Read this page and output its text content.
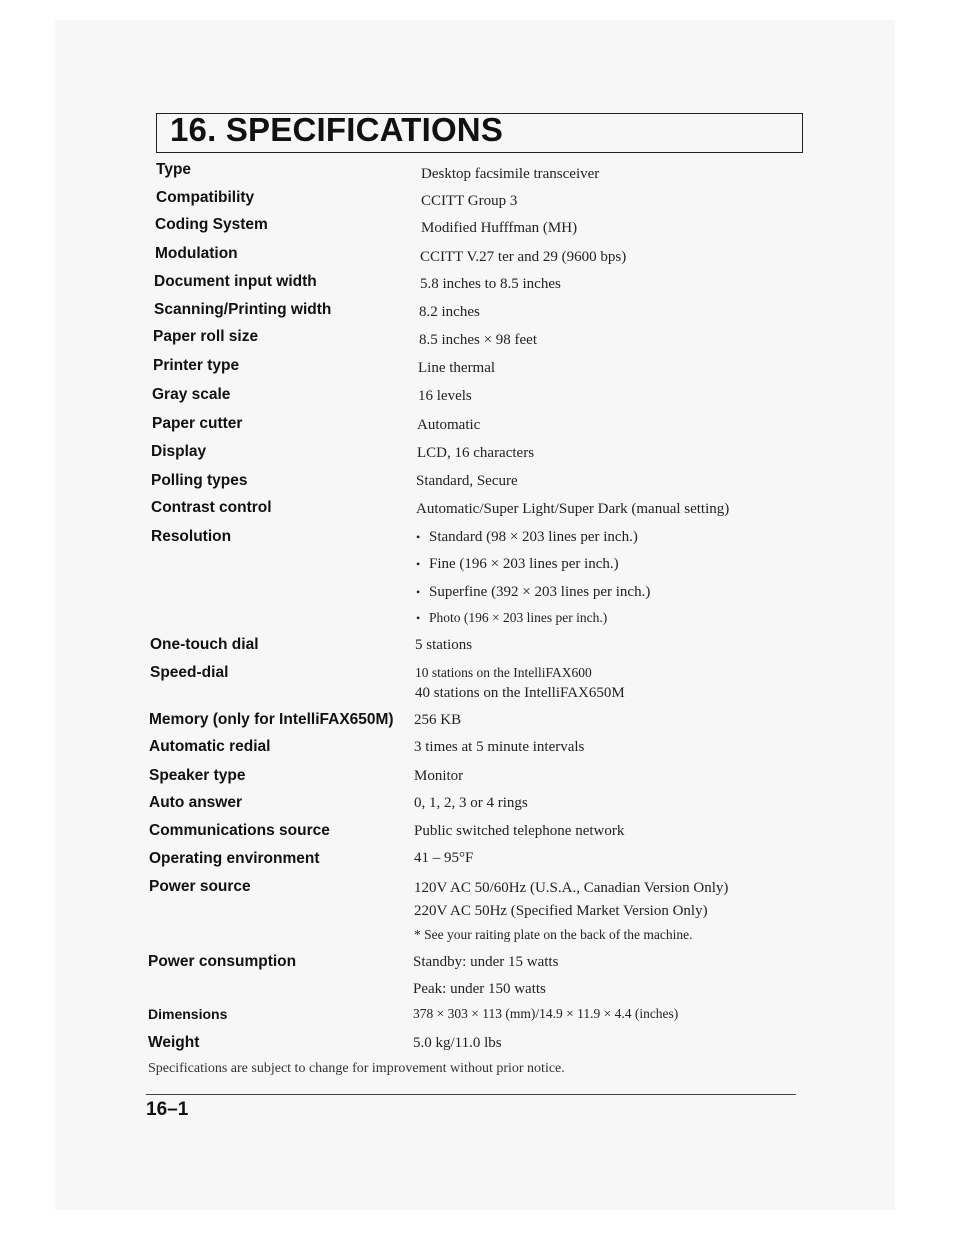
16. SPECIFICATIONS
Type	Desktop facsimile transceiver
Compatibility	CCITT Group 3
Coding System	Modified Hufffman (MH)
Modulation	CCITT V.27 ter and 29 (9600 bps)
Document input width	5.8 inches to 8.5 inches
Scanning/Printing width	8.2 inches
Paper roll size	8.5 inches × 98 feet
Printer type	Line thermal
Gray scale	16 levels
Paper cutter	Automatic
Display	LCD, 16 characters
Polling types	Standard, Secure
Contrast control	Automatic/Super Light/Super Dark (manual setting)
Resolution
•	Standard (98 × 203 lines per inch.)
• Fine (196 × 203 lines per inch.)
• Superfine (392 × 203 lines per inch.)
• Photo (196 × 203 lines per inch.)
One-touch dial	5 stations
Speed-dial	10 stations on the IntelliFAX600
40 stations on the IntelliFAX650M
Memory (only for IntelliFAX650M) 256 KB
Automatic redial	3 times at 5 minute intervals
Speaker type	Monitor
Auto answer	0, 1, 2, 3 or 4 rings
Communications source	Public switched telephone network
Operating environment	41 – 95°F
Power source	120V AC 50/60Hz (U.S.A., Canadian Version Only)
220V AC 50Hz (Specified Market Version Only)
* See your raiting plate on the back of the machine.
Power consumption	Standby: under 15 watts
Peak: under 150 watts
Dimensions	378 × 303 × 113 (mm)/14.9 × 11.9 × 4.4 (inches)
Weight	5.0 kg/11.0 lbs
Specifications are subject to change for improvement without prior notice.
16–1
